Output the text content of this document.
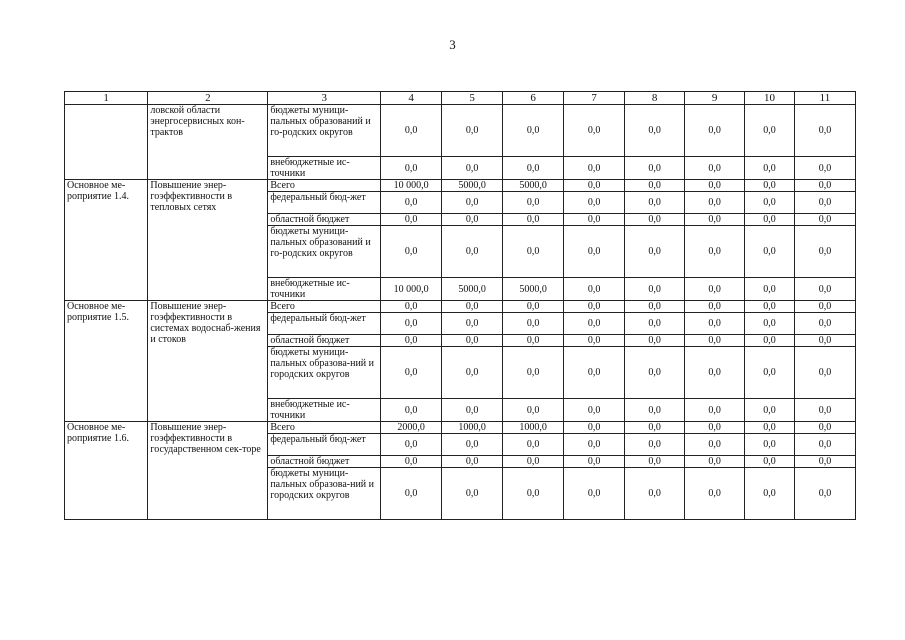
3
1	2	3	4	5	6	7	8	9	10	11
	ловской области энергосервисных кон-трактов	бюджеты муници-пальных образований и го-родских округов	0,0	0,0	0,0	0,0	0,0	0,0	0,0	0,0
		внебюджетные ис-точники	0,0	0,0	0,0	0,0	0,0	0,0	0,0	0,0
Основное ме-роприятие 1.4.	Повышение энер-гоэффективности в тепловых сетях	Всего	10 000,0	5000,0	5000,0	0,0	0,0	0,0	0,0	0,0
		федеральный бюд-жет	0,0	0,0	0,0	0,0	0,0	0,0	0,0	0,0
		областной бюджет	0,0	0,0	0,0	0,0	0,0	0,0	0,0	0,0
		бюджеты муници-пальных образований и го-родских округов	0,0	0,0	0,0	0,0	0,0	0,0	0,0	0,0
		внебюджетные ис-точники	10 000,0	5000,0	5000,0	0,0	0,0	0,0	0,0	0,0
Основное ме-роприятие 1.5.	Повышение энер-гоэффективности в системах водоснаб-жения и стоков	Всего	0,0	0,0	0,0	0,0	0,0	0,0	0,0	0,0
		федеральный бюд-жет	0,0	0,0	0,0	0,0	0,0	0,0	0,0	0,0
		областной бюджет	0,0	0,0	0,0	0,0	0,0	0,0	0,0	0,0
		бюджеты муници-пальных образова-ний и городских округов	0,0	0,0	0,0	0,0	0,0	0,0	0,0	0,0
		внебюджетные ис-точники	0,0	0,0	0,0	0,0	0,0	0,0	0,0	0,0
Основное ме-роприятие 1.6.	Повышение энер-гоэффективности в государственном сек-торе	Всего	2000,0	1000,0	1000,0	0,0	0,0	0,0	0,0	0,0
		федеральный бюд-жет	0,0	0,0	0,0	0,0	0,0	0,0	0,0	0,0
		областной бюджет	0,0	0,0	0,0	0,0	0,0	0,0	0,0	0,0
		бюджеты муници-пальных образова-ний и городских округов	0,0	0,0	0,0	0,0	0,0	0,0	0,0	0,0
